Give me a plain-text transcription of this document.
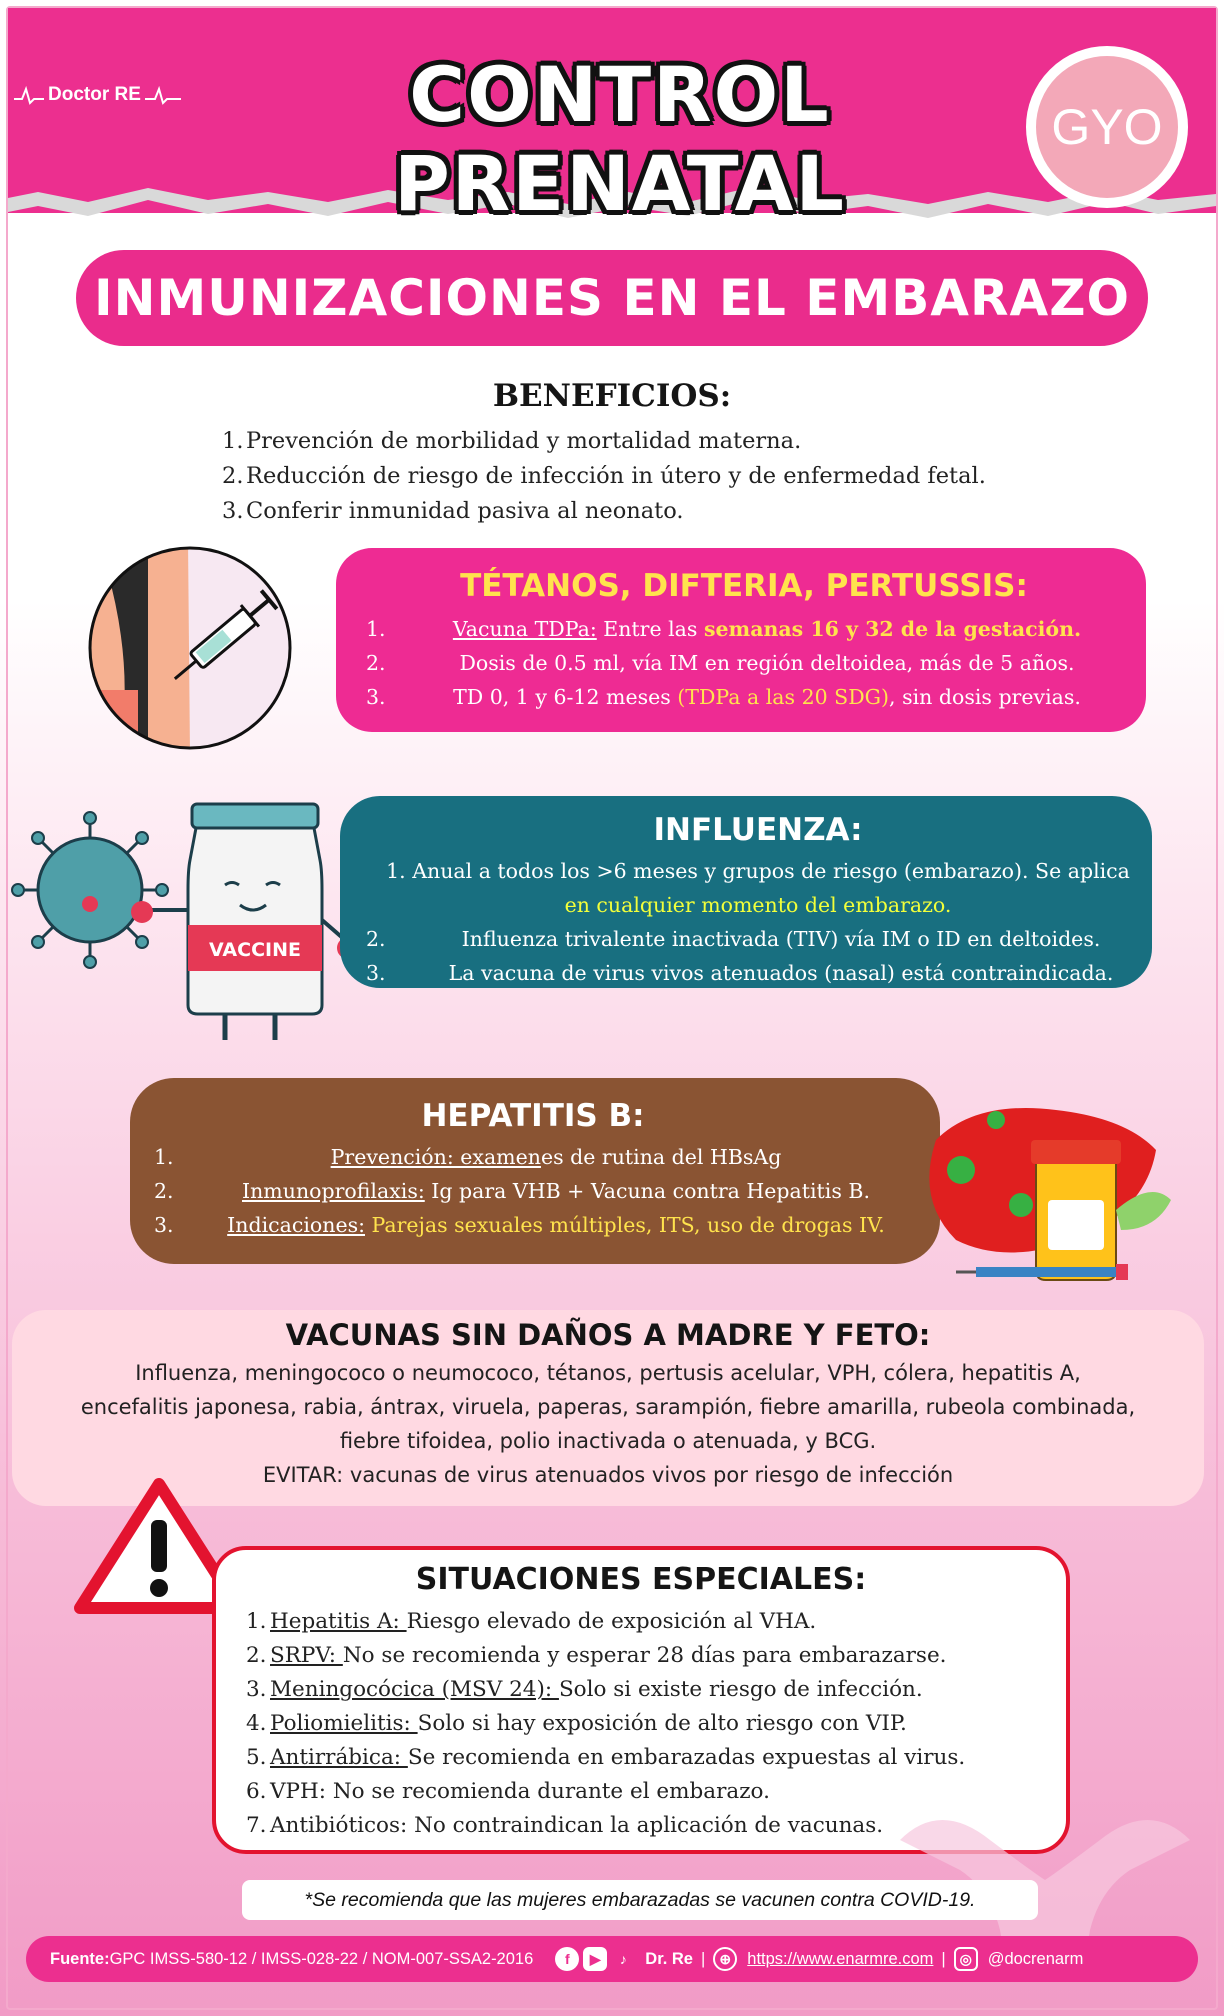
Doctor RE	CONTROL PRENATAL
GYO
INMUNIZACIONES EN EL EMBARAZO
BENEFICIOS:
1. Prevención de morbilidad y mortalidad materna.
2. Reducción de riesgo de infección in útero y de enfermedad fetal.
3. Conferir inmunidad pasiva al neonato.
TÉTANOS, DIFTERIA, PERTUSSIS:
1.	Vacuna TDPa: Entre las semanas 16 y 32 de la gestación.
2.	Dosis de 0.5 ml, vía IM en región deltoidea, más de 5 años.
3.	TD 0, 1 y 6-12 meses (TDPa a las 20 SDG), sin dosis previas.
VACCINE
INFLUENZA:
1. Anual a todos los >6 meses y grupos de riesgo (embarazo). Se aplica
en cualquier momento del embarazo.
2.	Influenza trivalente inactivada (TIV) vía IM o ID en deltoides.
3.	La vacuna de virus vivos atenuados (nasal) está contraindicada.
HEPATITIS B:
1.	Prevención: examenes de rutina del HBsAg
2.	Inmunoprofilaxis: Ig para VHB + Vacuna contra Hepatitis B.
3.	Indicaciones: Parejas sexuales múltiples, ITS, uso de drogas IV.
VACUNAS SIN DAÑOS A MADRE Y FETO:
Influenza, meningococo o neumococo, tétanos, pertusis acelular, VPH, cólera, hepatitis A,
encefalitis japonesa, rabia, ántrax, viruela, paperas, sarampión, fiebre amarilla, rubeola combinada,
fiebre tifoidea, polio inactivada o atenuada, y BCG.
EVITAR: vacunas de virus atenuados vivos por riesgo de infección
SITUACIONES ESPECIALES:
1. Hepatitis A: Riesgo elevado de exposición al VHA.
2. SRPV: No se recomienda y esperar 28 días para embarazarse.
3. Meningocócica (MSV 24): Solo si existe riesgo de infección.
4. Poliomielitis: Solo si hay exposición de alto riesgo con VIP.
5. Antirrábica: Se recomienda en embarazadas expuestas al virus.
6. VPH: No se recomienda durante el embarazo.
7. Antibióticos: No contraindican la aplicación de vacunas.
*Se recomienda que las mujeres embarazadas se vacunen contra COVID-19.
Fuente: GPC IMSS-580-12 / IMSS-028-22 / NOM-007-SSA2-2016	f	▶	♪	Dr. Re |	⊕ https://www.enarmre.com | ◎ @docrenarm
